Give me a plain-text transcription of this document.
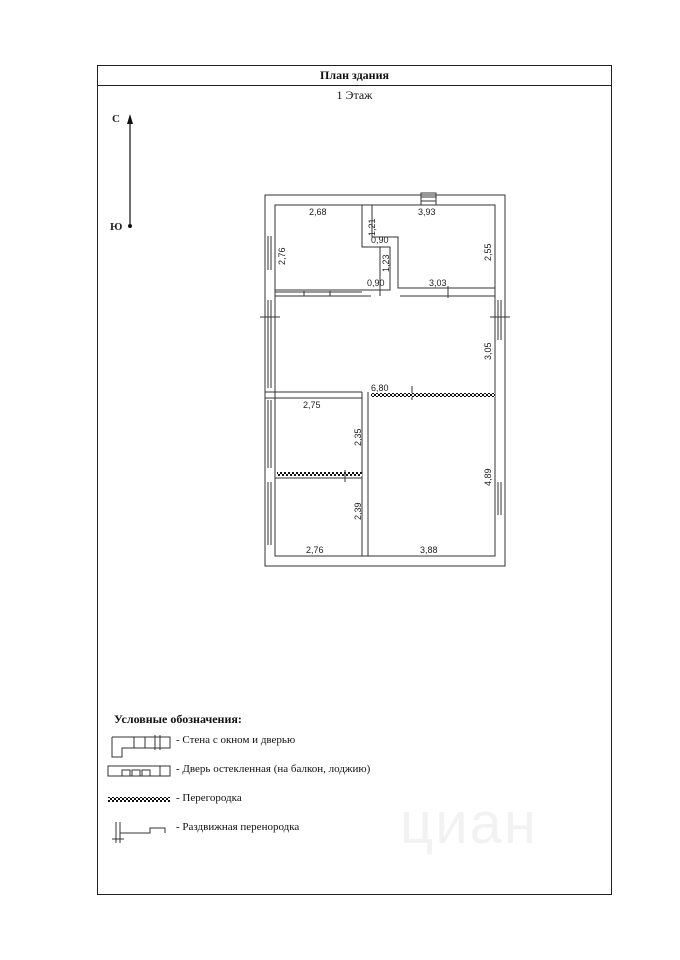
План здания
1 Этаж
Условные обозначения:
циан
С
Ю
2,68	3,93
2,76
1,21
0,90
2,55
1,23
0,90	3,03
3,05
6,80
2,75
2,35
4,89
2,39
2,76	3,88
- Стена с окном и дверью
- Дверь остекленная (на балкон, лоджию)
- Перегородка
- Раздвижная перенородка
